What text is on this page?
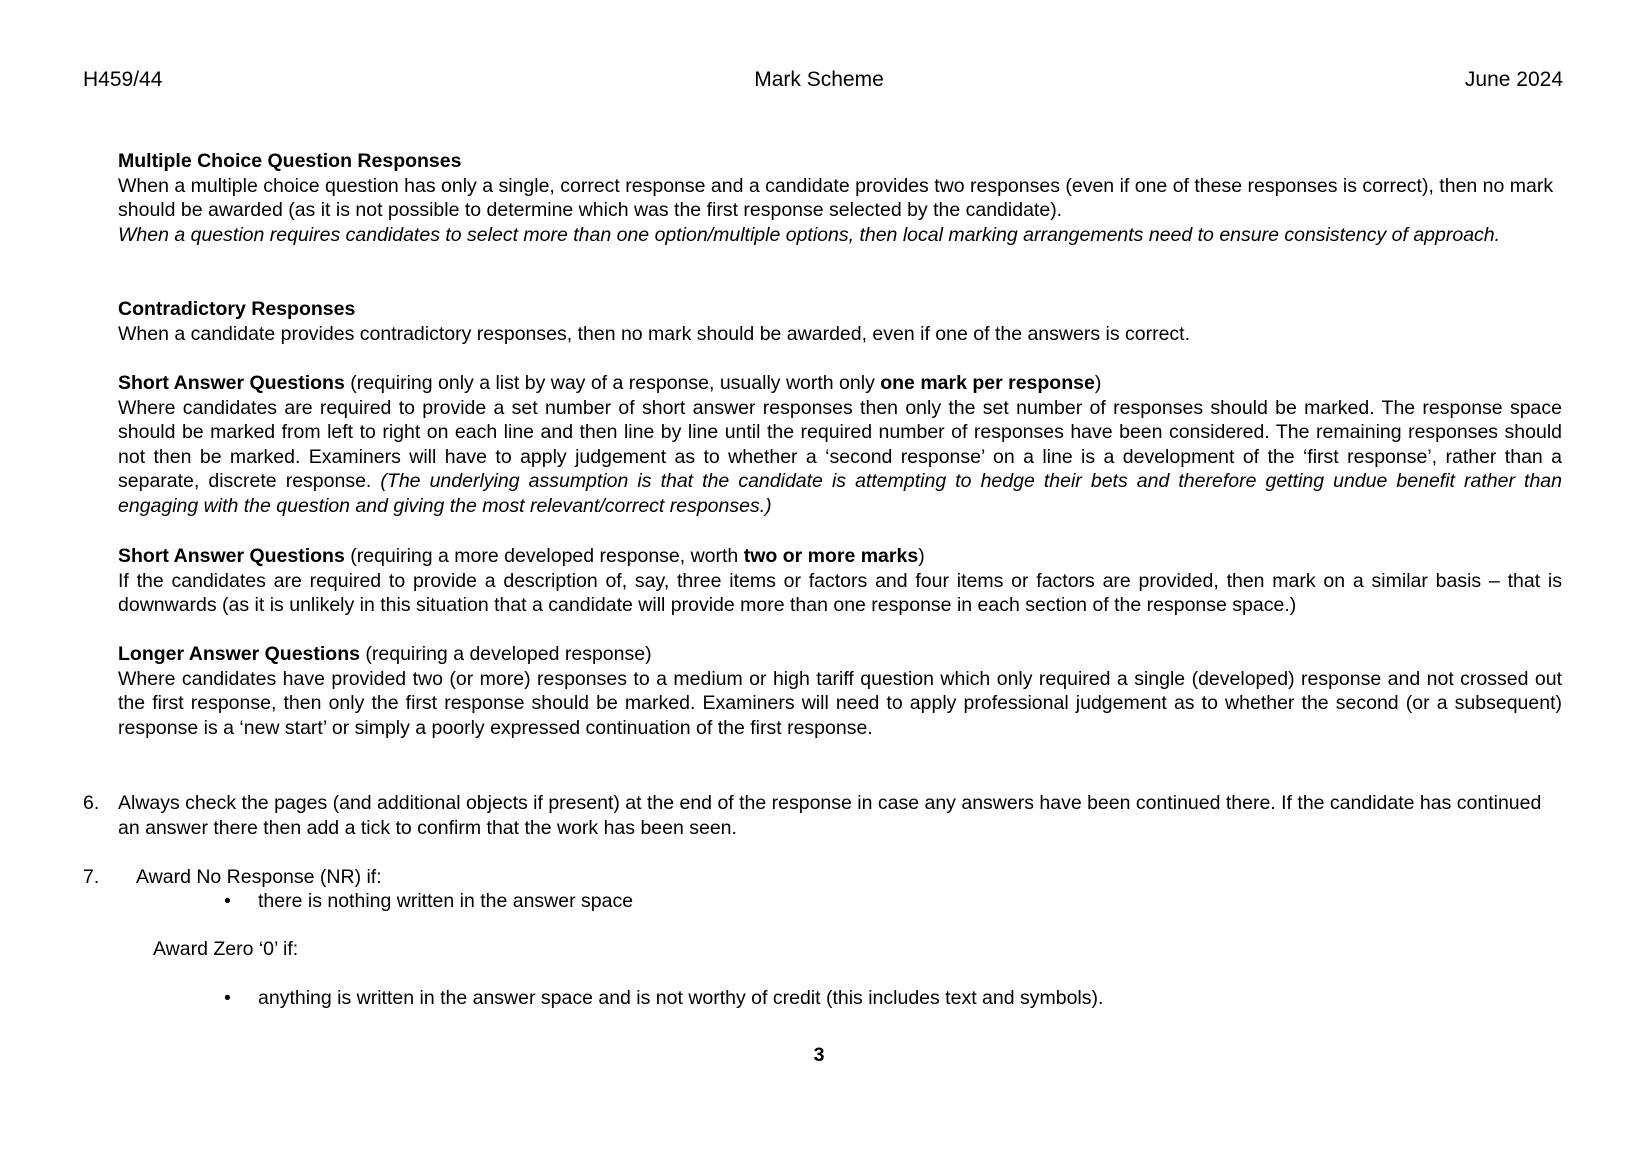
H459/44	Mark Scheme	June 2024

Multiple Choice Question Responses

When a multiple choice question has only a single, correct response and a candidate provides two responses (even if one of these responses is correct), then no mark should be awarded (as it is not possible to determine which was the first response selected by the candidate).

When a question requires candidates to select more than one option/multiple options, then local marking arrangements need to ensure consistency of approach.

Contradictory Responses

When a candidate provides contradictory responses, then no mark should be awarded, even if one of the answers is correct.

Short Answer Questions (requiring only a list by way of a response, usually worth only one mark per response)

Where candidates are required to provide a set number of short answer responses then only the set number of responses should be marked. The response space should be marked from left to right on each line and then line by line until the required number of responses have been considered. The remaining responses should not then be marked. Examiners will have to apply judgement as to whether a ‘second response’ on a line is a development of the ‘first response’, rather than a separate, discrete response. (The underlying assumption is that the candidate is attempting to hedge their bets and therefore getting undue benefit rather than engaging with the question and giving the most relevant/correct responses.)

Short Answer Questions (requiring a more developed response, worth two or more marks)

If the candidates are required to provide a description of, say, three items or factors and four items or factors are provided, then mark on a similar basis – that is downwards (as it is unlikely in this situation that a candidate will provide more than one response in each section of the response space.)

Longer Answer Questions (requiring a developed response)

Where candidates have provided two (or more) responses to a medium or high tariff question which only required a single (developed) response and not crossed out the first response, then only the first response should be marked. Examiners will need to apply professional judgement as to whether the second (or a subsequent) response is a ‘new start’ or simply a poorly expressed continuation of the first response.

6. Always check the pages (and additional objects if present) at the end of the response in case any answers have been continued there. If the candidate has continued an answer there then add a tick to confirm that the work has been seen.
7. Award No Response (NR) if:
• there is nothing written in the answer space
Award Zero ‘0’ if:
• anything is written in the answer space and is not worthy of credit (this includes text and symbols).
3
